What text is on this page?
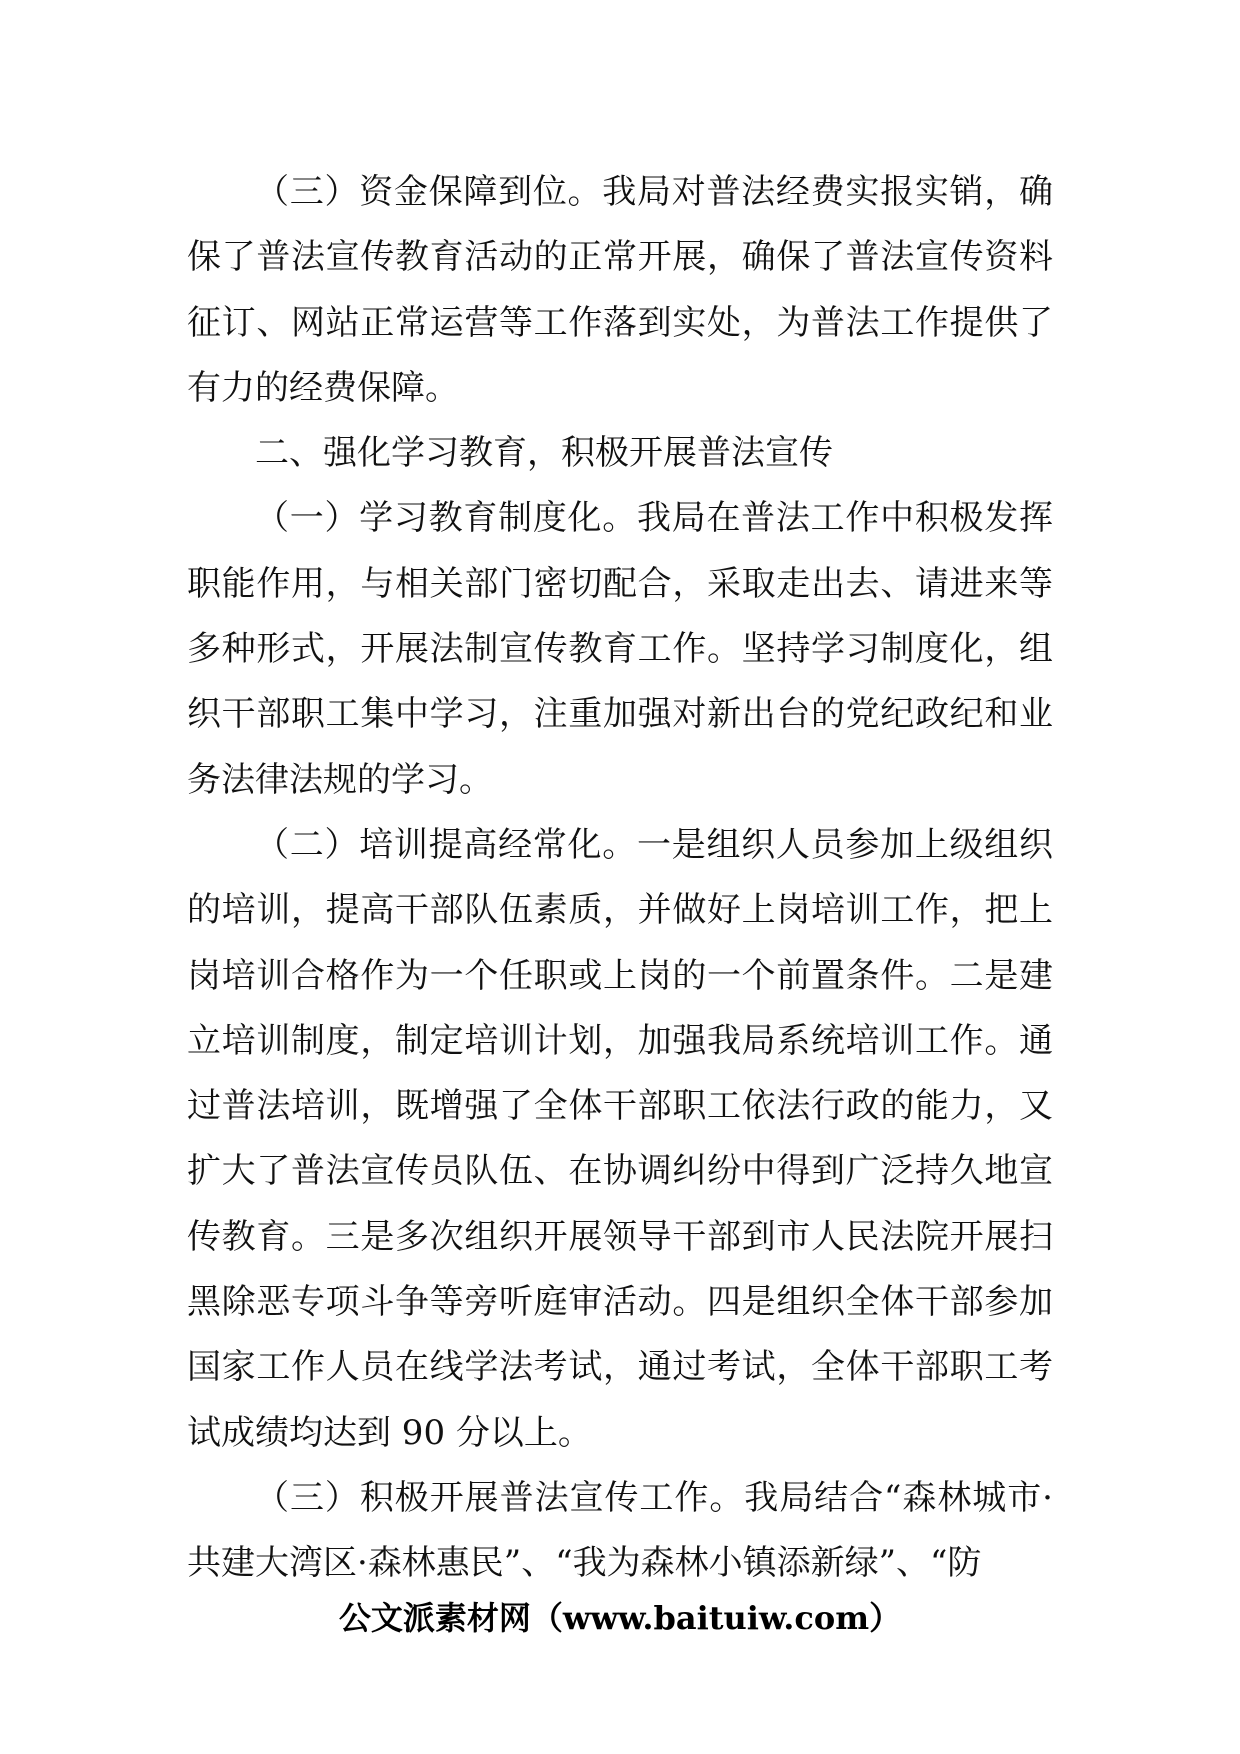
（三）资金保障到位。我局对普法经费实报实销，确保了普法宣传教育活动的正常开展，确保了普法宣传资料征订、网站正常运营等工作落到实处，为普法工作提供了有力的经费保障。

二、强化学习教育，积极开展普法宣传

（一）学习教育制度化。我局在普法工作中积极发挥职能作用，与相关部门密切配合，采取走出去、请进来等多种形式，开展法制宣传教育工作。坚持学习制度化，组织干部职工集中学习，注重加强对新出台的党纪政纪和业务法律法规的学习。

（二）培训提高经常化。一是组织人员参加上级组织的培训，提高干部队伍素质，并做好上岗培训工作，把上岗培训合格作为一个任职或上岗的一个前置条件。二是建立培训制度，制定培训计划，加强我局系统培训工作。通过普法培训，既增强了全体干部职工依法行政的能力，又扩大了普法宣传员队伍、在协调纠纷中得到广泛持久地宣传教育。三是多次组织开展领导干部到市人民法院开展扫黑除恶专项斗争等旁听庭审活动。四是组织全体干部参加国家工作人员在线学法考试，通过考试，全体干部职工考试成绩均达到 90 分以上。

（三）积极开展普法宣传工作。我局结合“森林城市·共建大湾区·森林惠民”、“我为森林小镇添新绿”、“防

公文派素材网（www.baituiw.com）
